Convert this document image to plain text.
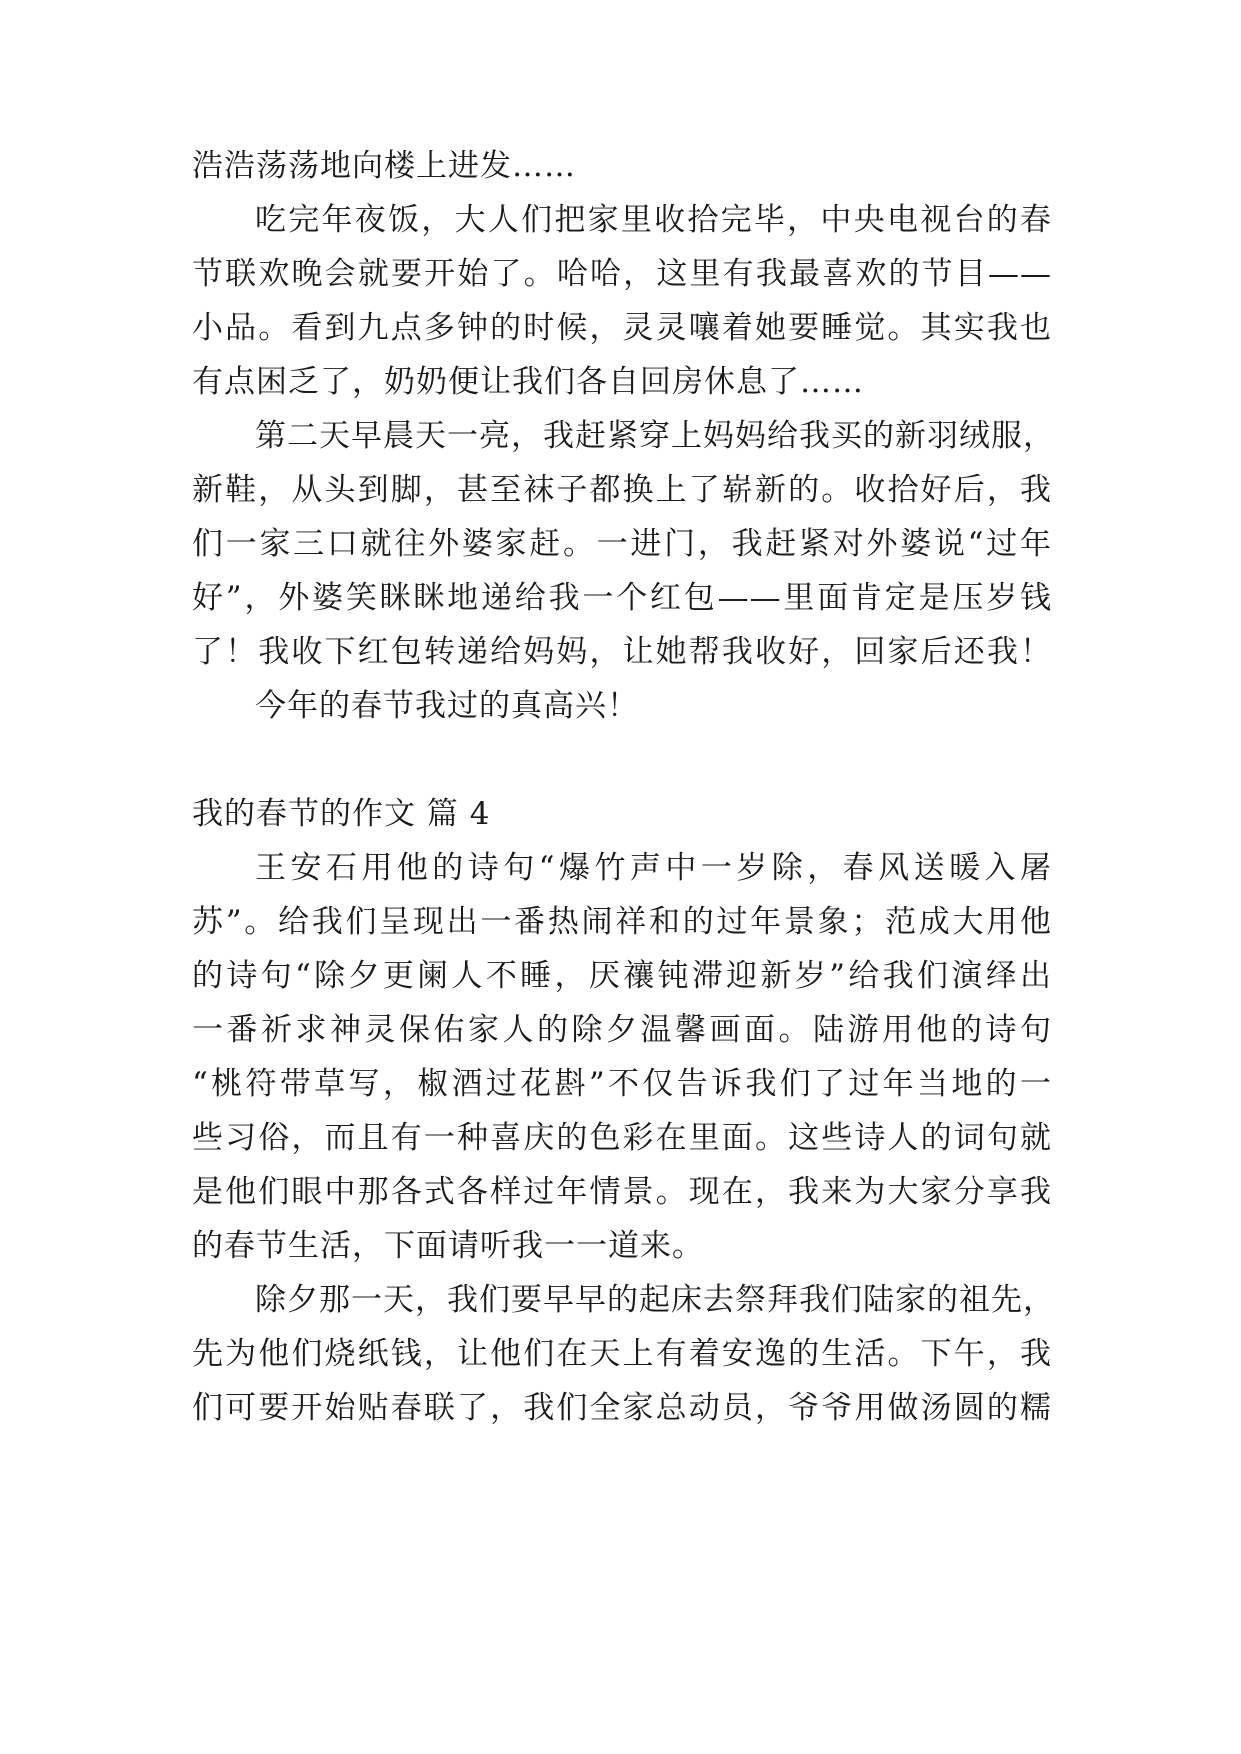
浩浩荡荡地向楼上进发……
吃完年夜饭，大人们把家里收拾完毕，中央电视台的春
节联欢晚会就要开始了。哈哈，这里有我最喜欢的节目——
小品。看到九点多钟的时候，灵灵嚷着她要睡觉。其实我也
有点困乏了，奶奶便让我们各自回房休息了……
第二天早晨天一亮，我赶紧穿上妈妈给我买的新羽绒服，
新鞋，从头到脚，甚至袜子都换上了崭新的。收拾好后，我
们一家三口就往外婆家赶。一进门，我赶紧对外婆说“过年
好”，外婆笑眯眯地递给我一个红包——里面肯定是压岁钱
了！我收下红包转递给妈妈，让她帮我收好，回家后还我！
今年的春节我过的真高兴！
我的春节的作文 篇 4
王安石用他的诗句“爆竹声中一岁除，春风送暖入屠
苏”。给我们呈现出一番热闹祥和的过年景象；范成大用他
的诗句“除夕更阑人不睡，厌禳钝滞迎新岁”给我们演绎出
一番祈求神灵保佑家人的除夕温馨画面。陆游用他的诗句
“桃符带草写，椒酒过花斟”不仅告诉我们了过年当地的一
些习俗，而且有一种喜庆的色彩在里面。这些诗人的词句就
是他们眼中那各式各样过年情景。现在，我来为大家分享我
的春节生活，下面请听我一一道来。
除夕那一天，我们要早早的起床去祭拜我们陆家的祖先，
先为他们烧纸钱，让他们在天上有着安逸的生活。下午，我
们可要开始贴春联了，我们全家总动员，爷爷用做汤圆的糯
